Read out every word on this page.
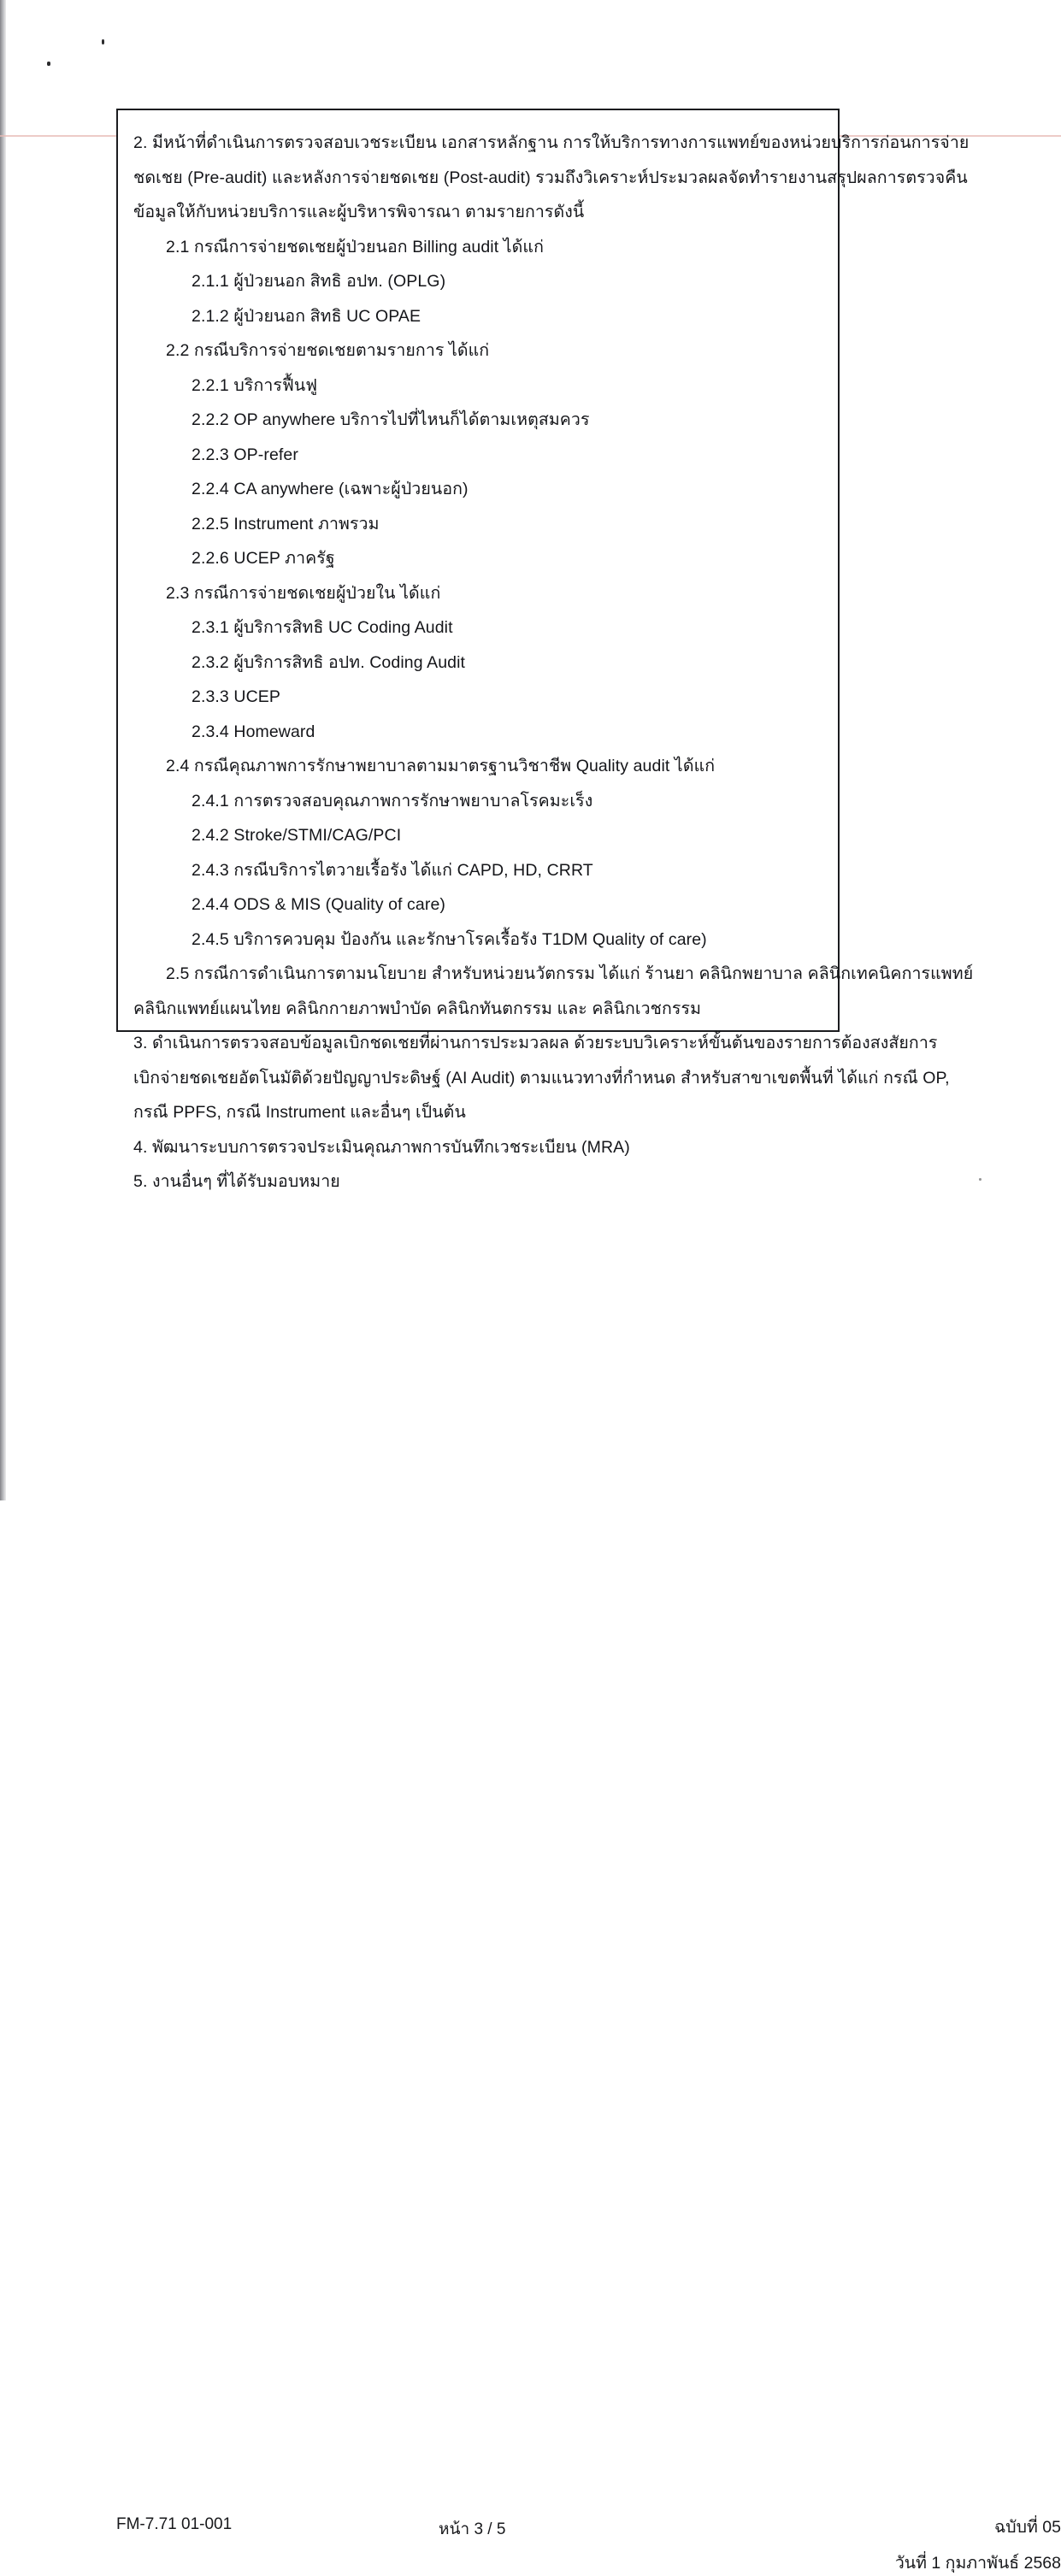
2. มีหน้าที่ดำเนินการตรวจสอบเวชระเบียน เอกสารหลักฐาน การให้บริการทางการแพทย์ของหน่วยบริการก่อนการจ่าย
ชดเชย (Pre-audit) และหลังการจ่ายชดเชย (Post-audit) รวมถึงวิเคราะห์ประมวลผลจัดทำรายงานสรุปผลการตรวจคืน
ข้อมูลให้กับหน่วยบริการและผู้บริหารพิจารณา ตามรายการดังนี้
2.1 กรณีการจ่ายชดเชยผู้ป่วยนอก Billing audit ได้แก่
2.1.1 ผู้ป่วยนอก สิทธิ อปท. (OPLG)
2.1.2 ผู้ป่วยนอก สิทธิ UC OPAE
2.2 กรณีบริการจ่ายชดเชยตามรายการ ได้แก่
2.2.1 บริการฟื้นฟู
2.2.2 OP anywhere บริการไปที่ไหนก็ได้ตามเหตุสมควร
2.2.3 OP-refer
2.2.4 CA anywhere (เฉพาะผู้ป่วยนอก)
2.2.5 Instrument ภาพรวม
2.2.6 UCEP ภาครัฐ
2.3 กรณีการจ่ายชดเชยผู้ป่วยใน ได้แก่
2.3.1 ผู้บริการสิทธิ UC Coding Audit
2.3.2 ผู้บริการสิทธิ อปท. Coding Audit
2.3.3 UCEP
2.3.4 Homeward
2.4 กรณีคุณภาพการรักษาพยาบาลตามมาตรฐานวิชาชีพ Quality audit ได้แก่
2.4.1 การตรวจสอบคุณภาพการรักษาพยาบาลโรคมะเร็ง
2.4.2 Stroke/STMI/CAG/PCI
2.4.3 กรณีบริการไตวายเรื้อรัง ได้แก่ CAPD, HD, CRRT
2.4.4 ODS & MIS (Quality of care)
2.4.5 บริการควบคุม ป้องกัน และรักษาโรคเรื้อรัง T1DM Quality of care)
2.5 กรณีการดำเนินการตามนโยบาย สำหรับหน่วยนวัตกรรม ได้แก่ ร้านยา คลินิกพยาบาล คลินิกเทคนิคการแพทย์
คลินิกแพทย์แผนไทย คลินิกกายภาพบำบัด คลินิกทันตกรรม และ คลินิกเวชกรรม
3. ดำเนินการตรวจสอบข้อมูลเบิกชดเชยที่ผ่านการประมวลผล ด้วยระบบวิเคราะห์ขั้นต้นของรายการต้องสงสัยการ
เบิกจ่ายชดเชยอัตโนมัติด้วยปัญญาประดิษฐ์ (AI Audit) ตามแนวทางที่กำหนด สำหรับสาขาเขตพื้นที่ ได้แก่ กรณี OP,
กรณี PPFS, กรณี Instrument และอื่นๆ เป็นต้น
4. พัฒนาระบบการตรวจประเมินคุณภาพการบันทึกเวชระเบียน (MRA)
5. งานอื่นๆ ที่ได้รับมอบหมาย
FM-7.71 01-001	หน้า 3 / 5	ฉบับที่ 05
วันที่ 1 กุมภาพันธ์ 2568
